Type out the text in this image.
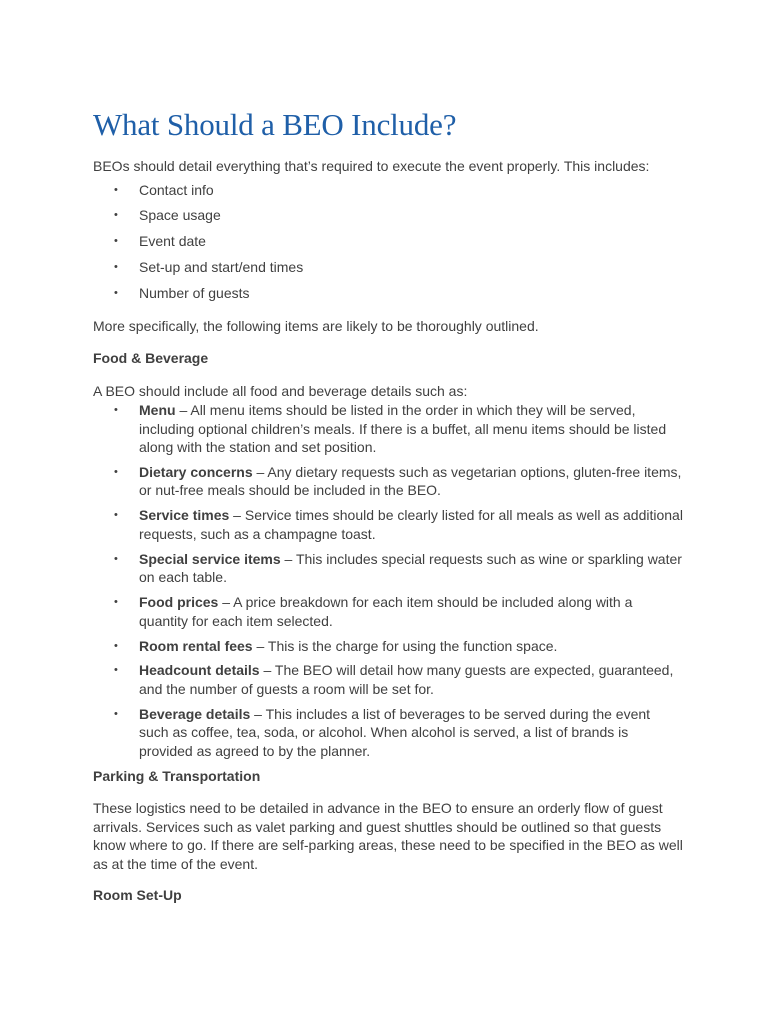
What Should a BEO Include?

BEOs should detail everything that’s required to execute the event properly. This includes:

• Contact info
• Space usage
• Event date
• Set-up and start/end times
• Number of guests

More specifically, the following items are likely to be thoroughly outlined.

Food & Beverage

A BEO should include all food and beverage details such as:

• Menu – All menu items should be listed in the order in which they will be served, including optional children’s meals. If there is a buffet, all menu items should be listed along with the station and set position.
• Dietary concerns – Any dietary requests such as vegetarian options, gluten-free items, or nut-free meals should be included in the BEO.
• Service times – Service times should be clearly listed for all meals as well as additional requests, such as a champagne toast.
• Special service items – This includes special requests such as wine or sparkling water on each table.
• Food prices – A price breakdown for each item should be included along with a quantity for each item selected.
• Room rental fees – This is the charge for using the function space.
• Headcount details – The BEO will detail how many guests are expected, guaranteed, and the number of guests a room will be set for.
• Beverage details – This includes a list of beverages to be served during the event such as coffee, tea, soda, or alcohol. When alcohol is served, a list of brands is provided as agreed to by the planner.

Parking & Transportation

These logistics need to be detailed in advance in the BEO to ensure an orderly flow of guest arrivals. Services such as valet parking and guest shuttles should be outlined so that guests know where to go. If there are self-parking areas, these need to be specified in the BEO as well as at the time of the event.

Room Set-Up
